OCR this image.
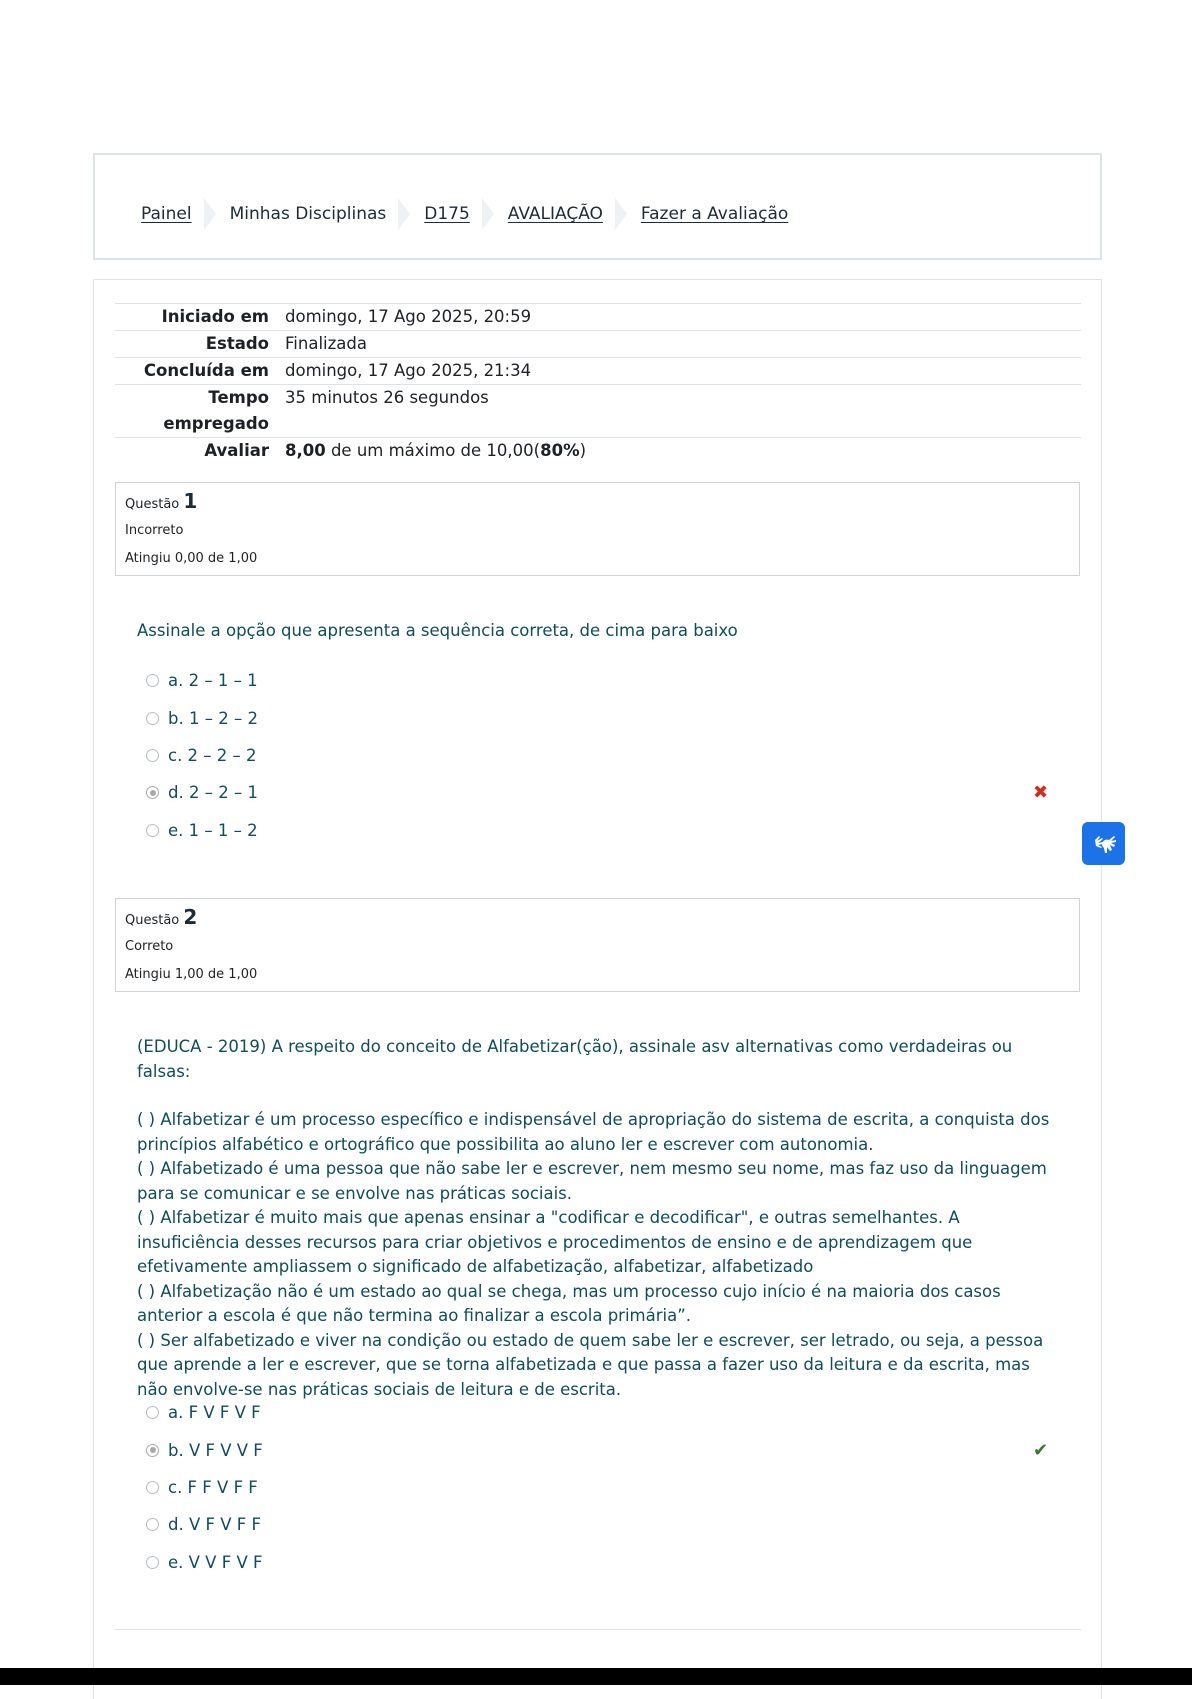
Painel Minhas Disciplinas D175 AVALIAÇÃO Fazer a Avaliação
Iniciado em	domingo, 17 Ago 2025, 20:59
Estado	Finalizada
Concluída em	domingo, 17 Ago 2025, 21:34
Tempo empregado	35 minutos 26 segundos
Avaliar	8,00 de um máximo de 10,00(80%)
Questão 1
Incorreto
Atingiu 0,00 de 1,00

Assinale a opção que apresenta a sequência correta, de cima para baixo

a. 2 – 1 – 1
b. 1 – 2 – 2
c. 2 – 2 – 2
d. 2 – 2 – 1	✖
e. 1 – 1 – 2
Questão 2
Correto
Atingiu 1,00 de 1,00

(EDUCA - 2019) A respeito do conceito de Alfabetizar(ção), assinale asv alternativas como verdadeiras ou falsas:

( ) Alfabetizar é um processo específico e indispensável de apropriação do sistema de escrita, a conquista dos princípios alfabético e ortográfico que possibilita ao aluno ler e escrever com autonomia.

( ) Alfabetizado é uma pessoa que não sabe ler e escrever, nem mesmo seu nome, mas faz uso da linguagem para se comunicar e se envolve nas práticas sociais.

( ) Alfabetizar é muito mais que apenas ensinar a "codificar e decodificar", e outras semelhantes. A insuficiência desses recursos para criar objetivos e procedimentos de ensino e de aprendizagem que efetivamente ampliassem o significado de alfabetização, alfabetizar, alfabetizado

( ) Alfabetização não é um estado ao qual se chega, mas um processo cujo início é na maioria dos casos anterior a escola é que não termina ao finalizar a escola primária”.

( ) Ser alfabetizado e viver na condição ou estado de quem sabe ler e escrever, ser letrado, ou seja, a pessoa que aprende a ler e escrever, que se torna alfabetizada e que passa a fazer uso da leitura e da escrita, mas não envolve-se nas práticas sociais de leitura e de escrita.

a. F V F V F
b. V F V V F	✔
c. F F V F F
d. V F V F F
e. V V F V F
